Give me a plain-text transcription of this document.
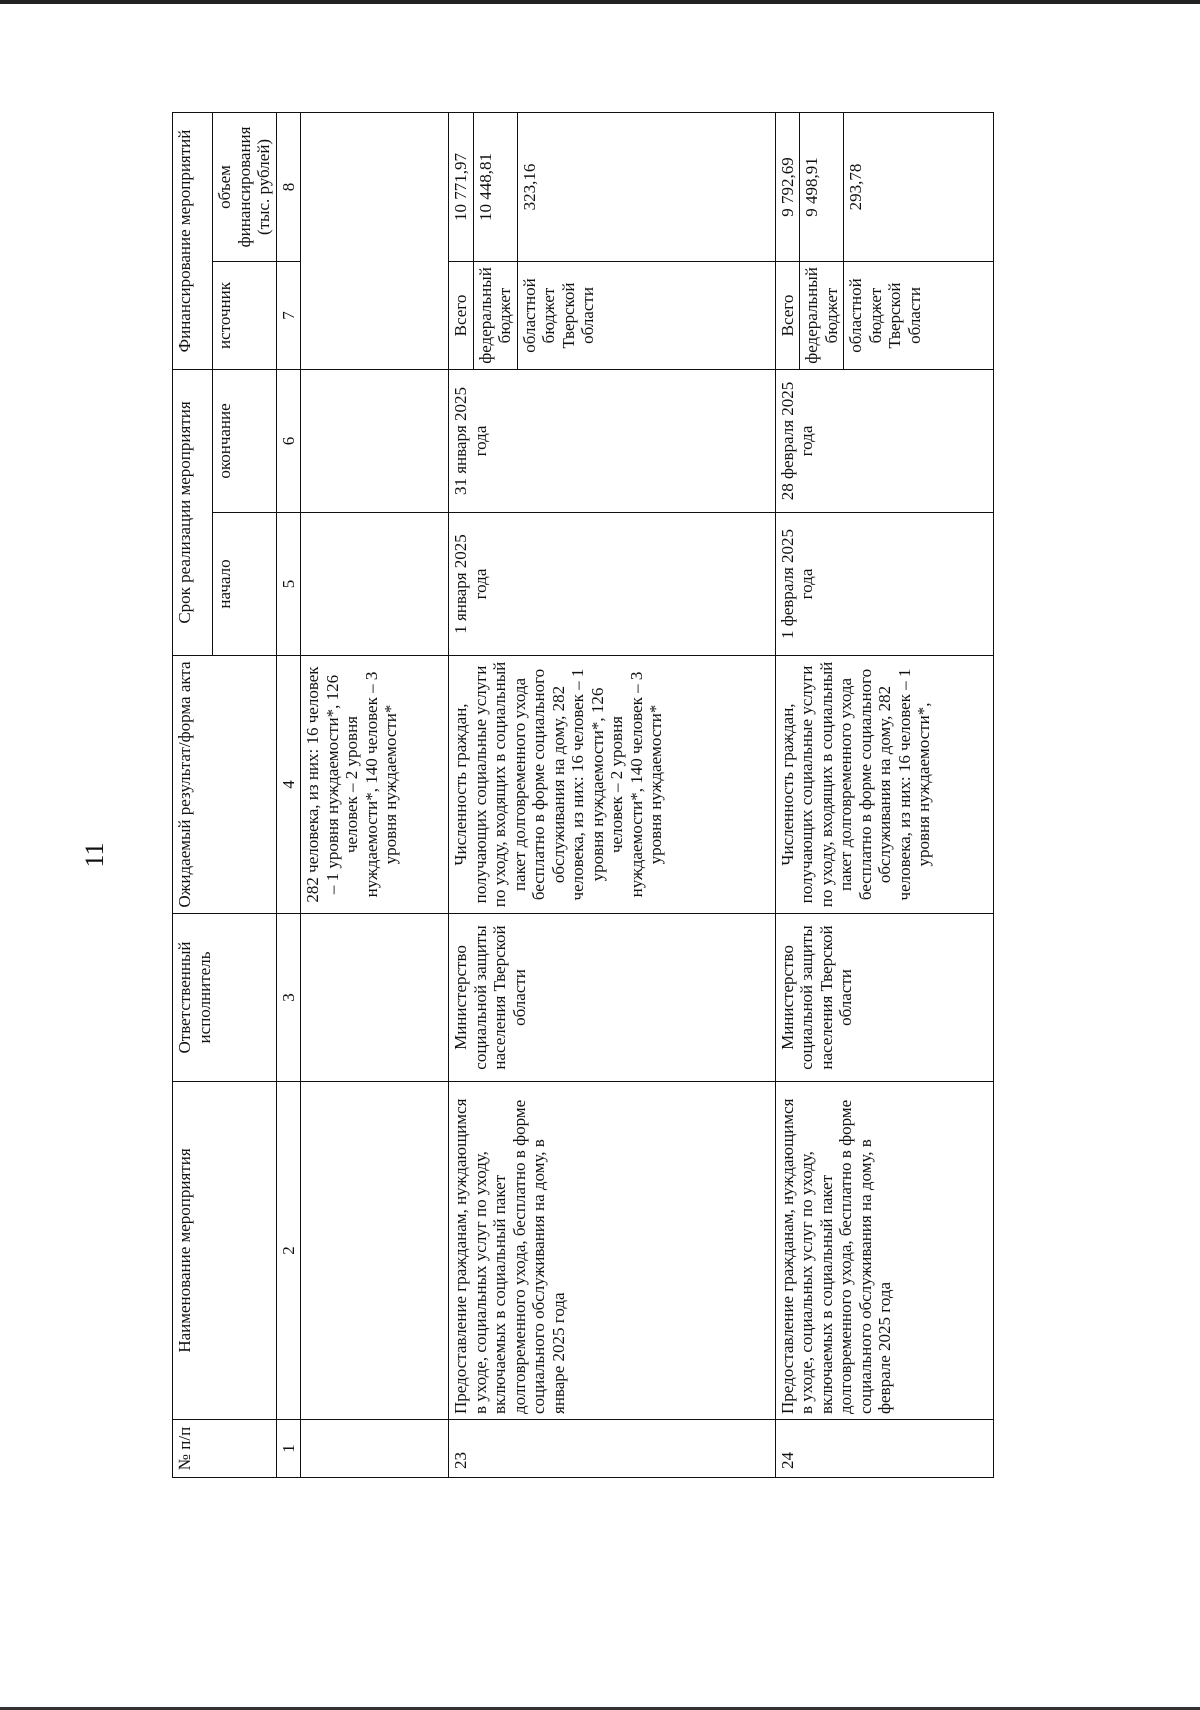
11
№ п/п	Наименование мероприятия	Ответственный исполнитель	Ожидаемый результат/форма акта	Срок реализации мероприятия		Финансирование мероприятий	
				начало	окончание	источник	объем финансирования (тыс. рублей)
1	2	3	4	5	6	7	8
			282 человека, из них: 16 человек – 1 уровня нуждаемости*, 126 человек – 2 уровня нуждаемости*, 140 человек – 3 уровня нуждаемости*				
23	Предоставление гражданам, нуждающимся в уходе, социальных услуг по уходу, включаемых в социальный пакет долговременного ухода, бесплатно в форме социального обслуживания на дому, в январе 2025 года	Министерство социальной защиты населения Тверской области	Численность граждан, получающих социальные услуги по уходу, входящих в социальный пакет долговременного ухода бесплатно в форме социального обслуживания на дому, 282 человека, из них: 16 человек – 1 уровня нуждаемости*, 126 человек – 2 уровня нуждаемости*, 140 человек – 3 уровня нуждаемости*	1 января 2025 года	31 января 2025 года	Всего	10 771,97
						федеральный бюджет	10 448,81
						областной бюджет Тверской области	323,16
24	Предоставление гражданам, нуждающимся в уходе, социальных услуг по уходу, включаемых в социальный пакет долговременного ухода, бесплатно в форме социального обслуживания на дому, в феврале 2025 года	Министерство социальной защиты населения Тверской области	Численность граждан, получающих социальные услуги по уходу, входящих в социальный пакет долговременного ухода бесплатно в форме социального обслуживания на дому, 282 человека, из них: 16 человек – 1 уровня нуждаемости*,	1 февраля 2025 года	28 февраля 2025 года	Всего	9 792,69
						федеральный бюджет	9 498,91
						областной бюджет Тверской области	293,78
